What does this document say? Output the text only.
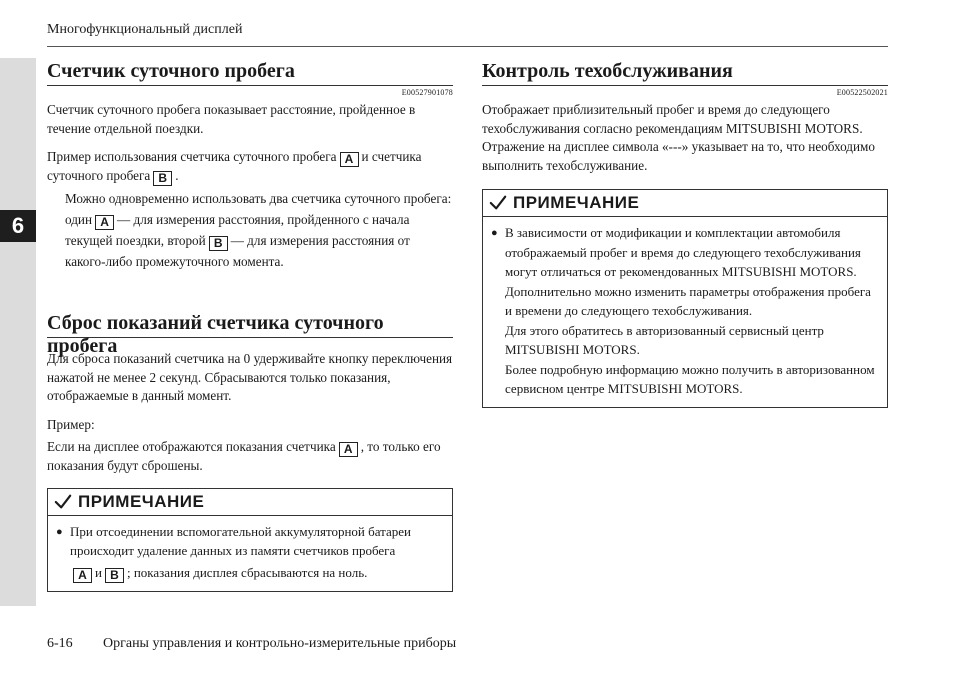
6
Многофункциональный дисплей
Счетчик суточного пробега
E00527901078

Счетчик суточного пробега показывает расстояние, пройденное в течение отдельной поездки.

Пример использования счетчика суточного пробега A и счетчика суточного пробега B .

Можно одновременно использовать два счетчика суточного пробега: один A — для измерения расстояния, пройденного с начала текущей поездки, второй B — для измерения расстояния от какого-либо промежуточного момента.

Сброс показаний счетчика суточного пробега

Для сброса показаний счетчика на 0 удерживайте кнопку переключения нажатой не менее 2 секунд. Сбрасываются только показания, отображаемые в данный момент.

Пример:

Если на дисплее отображаются показания счетчика A , то только его показания будут сброшены.

ПРИМЕЧАНИЕ
● При отсоединении вспомогательной аккумуляторной батареи происходит удаление данных из памяти счетчиков пробега
A и B ; показания дисплея сбрасываются на ноль.
Контроль техобслуживания
E00522502021

Отображает приблизительный пробег и время до следующего техобслуживания согласно рекомендациям MITSUBISHI MOTORS. Отражение на дисплее символа «---» указывает на то, что необходимо выполнить техобслуживание.

ПРИМЕЧАНИЕ
● В зависимости от модификации и комплектации автомобиля отображаемый пробег и время до следующего техобслуживания могут отличаться от рекомендованных MITSUBISHI MOTORS.

Дополнительно можно изменить параметры отображения пробега и времени до следующего техобслуживания.

Для этого обратитесь в авторизованный сервисный центр MITSUBISHI MOTORS.

Более подробную информацию можно получить в авторизованном сервисном центре MITSUBISHI MOTORS.

6-16 Органы управления и контрольно-измерительные приборы
